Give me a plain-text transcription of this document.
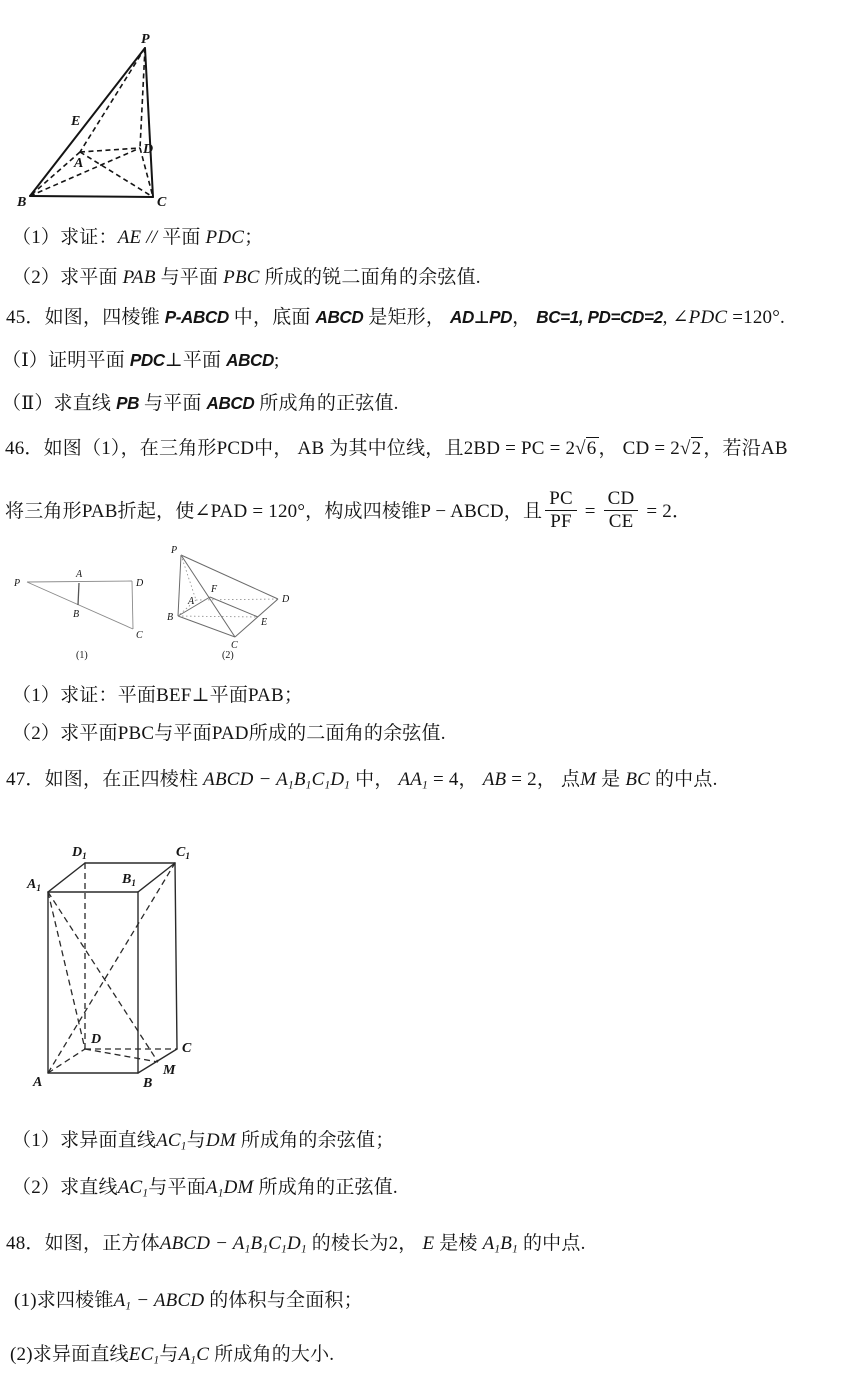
P
E
A
D
B	C
（1）求证：AE // 平面 PDC；
（2）求平面 PAB 与平面 PBC 所成的锐二面角的余弦值.
45．如图，四棱锥 P-ABCD 中，底面 ABCD 是矩形， AD⊥PD， BC=1, PD=CD=2, ∠PDC =120°.
（Ⅰ）证明平面 PDC⊥平面 ABCD;
（Ⅱ）求直线 PB 与平面 ABCD 所成角的正弦值.
46．如图（1），在三角形PCD中， AB 为其中位线，且2BD = PC = 2√6 ， CD = 2√2 ，若沿AB
将三角形PAB折起，使∠PAD = 120°，构成四棱锥P − ABCD，且 $\frac{PC}{PF} = \frac{CD}{CE} = 2$．
P
A
D
B
C
(1)
P
A
F
B
C
E
D
(2)
（1）求证：平面BEF⊥平面PAB；
（2）求平面PBC与平面PAD所成的二面角的余弦值.
47．如图，在正四棱柱 ABCD − $A_1B_1C_1D_1$ 中， $AA_1 = 4$， AB = 2， 点M 是 BC 的中点.
$A_1$
$D_1$
$B_1$
$C_1$
A	B
C
D
M
（1）求异面直线$AC_1$与DM 所成角的余弦值；
（2）求直线$AC_1$与平面$A_1DM$ 所成角的正弦值.
48．如图，正方体ABCD − $A_1B_1C_1D_1$ 的棱长为2， E 是棱 $A_1B_1$ 的中点.
(1)求四棱锥$A_1$ − ABCD 的体积与全面积；
(2)求异面直线$EC_1$与$A_1C$ 所成角的大小.
